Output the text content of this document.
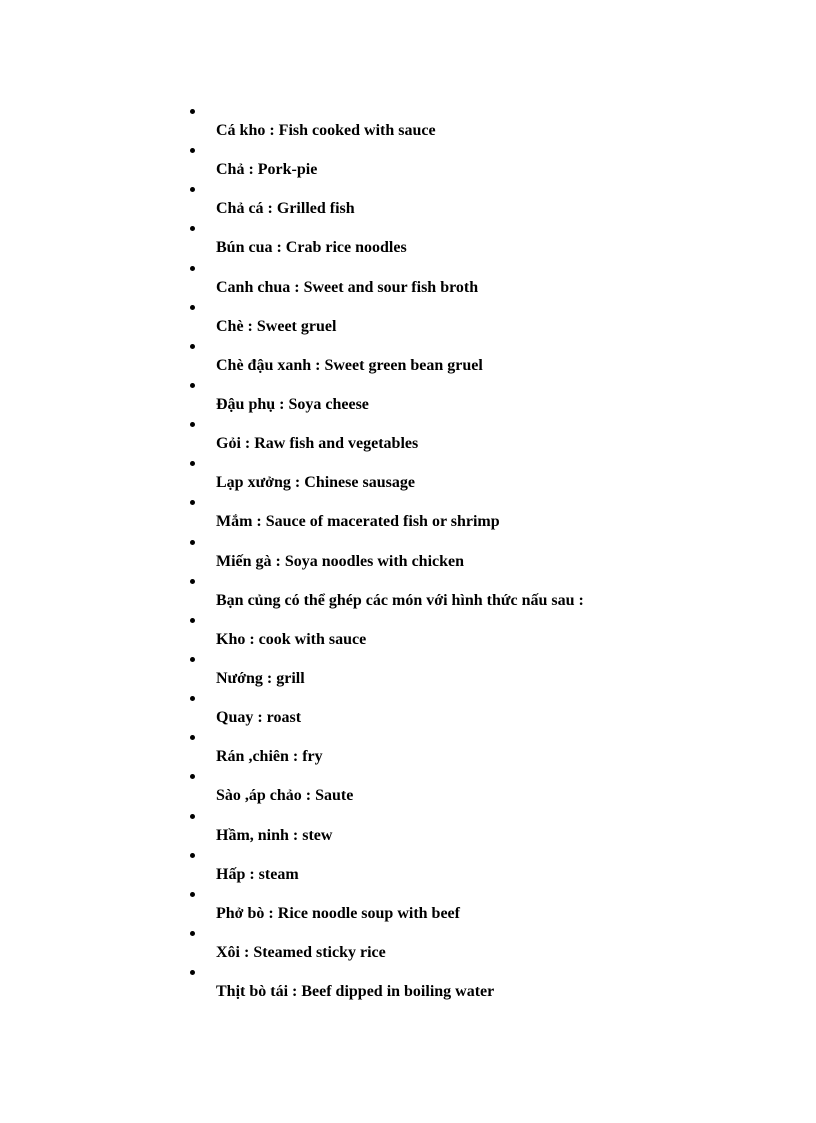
Cá kho : Fish cooked with sauce
Chả : Pork-pie
Chả cá : Grilled fish
Bún cua : Crab rice noodles
Canh chua : Sweet and sour fish broth
Chè : Sweet gruel
Chè đậu xanh : Sweet green bean gruel
Đậu phụ : Soya cheese
Gỏi : Raw fish and vegetables
Lạp xưởng : Chinese sausage
Mắm : Sauce of macerated fish or shrimp
Miến gà : Soya noodles with chicken
Bạn củng có thể ghép các món với hình thức nấu sau :
Kho : cook with sauce
Nướng : grill
Quay : roast
Rán ,chiên : fry
Sào ,áp chảo : Saute
Hầm, ninh : stew
Hấp : steam
Phở bò : Rice noodle soup with beef
Xôi : Steamed sticky rice
Thịt bò tái : Beef dipped in boiling water
